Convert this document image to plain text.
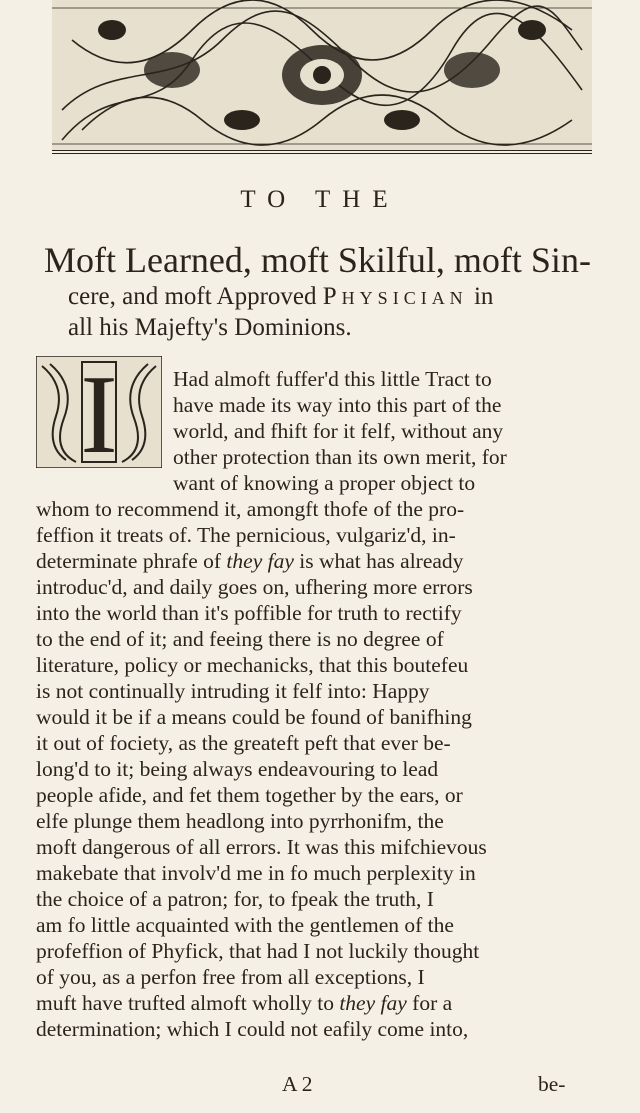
TO THE
Moft Learned, moft Skilful, moft Sin-
cere, and moft Approved Physician in
all his Majefty's Dominions.
I	Had almoft fuffer'd this little Tract to
have made its way into this part of the
world, and fhift for it felf, without any
other protection than its own merit, for
want of knowing a proper object to
whom to recommend it, amongft thofe of the pro-
feffion it treats of. The pernicious, vulgariz'd, in-
determinate phrafe of they fay is what has already
introduc'd, and daily goes on, ufhering more errors
into the world than it's poffible for truth to rectify
to the end of it; and feeing there is no degree of
literature, policy or mechanicks, that this boutefeu
is not continually intruding it felf into: Happy
would it be if a means could be found of banifhing
it out of fociety, as the greateft peft that ever be-
long'd to it; being always endeavouring to lead
people afide, and fet them together by the ears, or
elfe plunge them headlong into pyrrhonifm, the
moft dangerous of all errors. It was this mifchievous
makebate that involv'd me in fo much perplexity in
the choice of a patron; for, to fpeak the truth, I
am fo little acquainted with the gentlemen of the
profeffion of Phyfick, that had I not luckily thought
of you, as a perfon free from all exceptions, I
muft have trufted almoft wholly to they fay for a
determination; which I could not eafily come into,
A 2	be-
